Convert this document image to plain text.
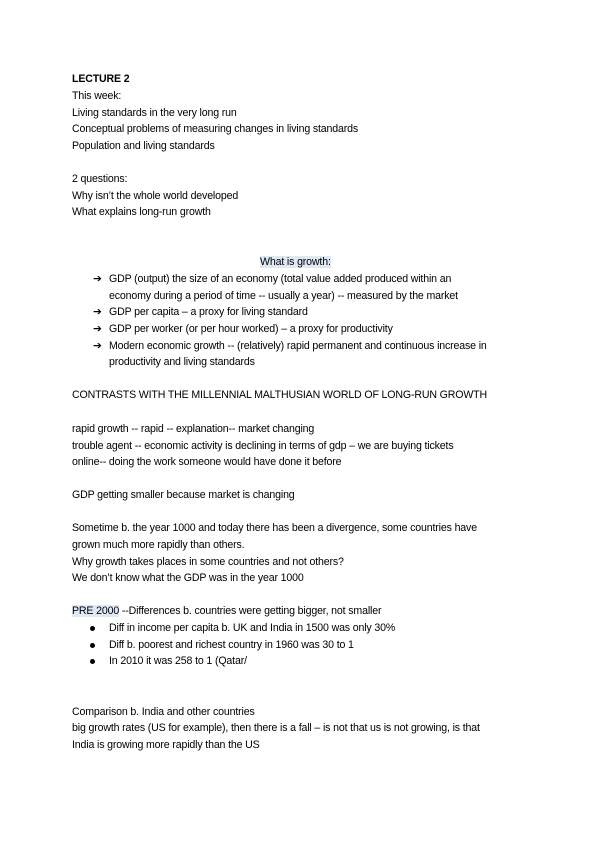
LECTURE 2
This week:
Living standards in the very long run
Conceptual problems of measuring changes in living standards
Population and living standards
2 questions:
Why isn’t the whole world developed
What explains long-run growth
What is growth:
➔ GDP (output) the size of an economy (total value added produced within an
economy during a period of time -- usually a year) -- measured by the market
➔ GDP per capita – a proxy for living standard
➔ GDP per worker (or per hour worked) – a proxy for productivity
➔ Modern economic growth -- (relatively) rapid permanent and continuous increase in
productivity and living standards
CONTRASTS WITH THE MILLENNIAL MALTHUSIAN WORLD OF LONG-RUN GROWTH
rapid growth -- rapid -- explanation-- market changing
trouble agent -- economic activity is declining in terms of gdp – we are buying tickets
online-- doing the work someone would have done it before
GDP getting smaller because market is changing
Sometime b. the year 1000 and today there has been a divergence, some countries have
grown much more rapidly than others.
Why growth takes places in some countries and not others?
We don’t know what the GDP was in the year 1000
PRE 2000 --Differences b. countries were getting bigger, not smaller
Diff in income per capita b. UK and India in 1500 was only 30%
Diff b. poorest and richest country in 1960 was 30 to 1
In 2010 it was 258 to 1 (Qatar/
Comparison b. India and other countries
big growth rates (US for example), then there is a fall – is not that us is not growing, is that
India is growing more rapidly than the US
